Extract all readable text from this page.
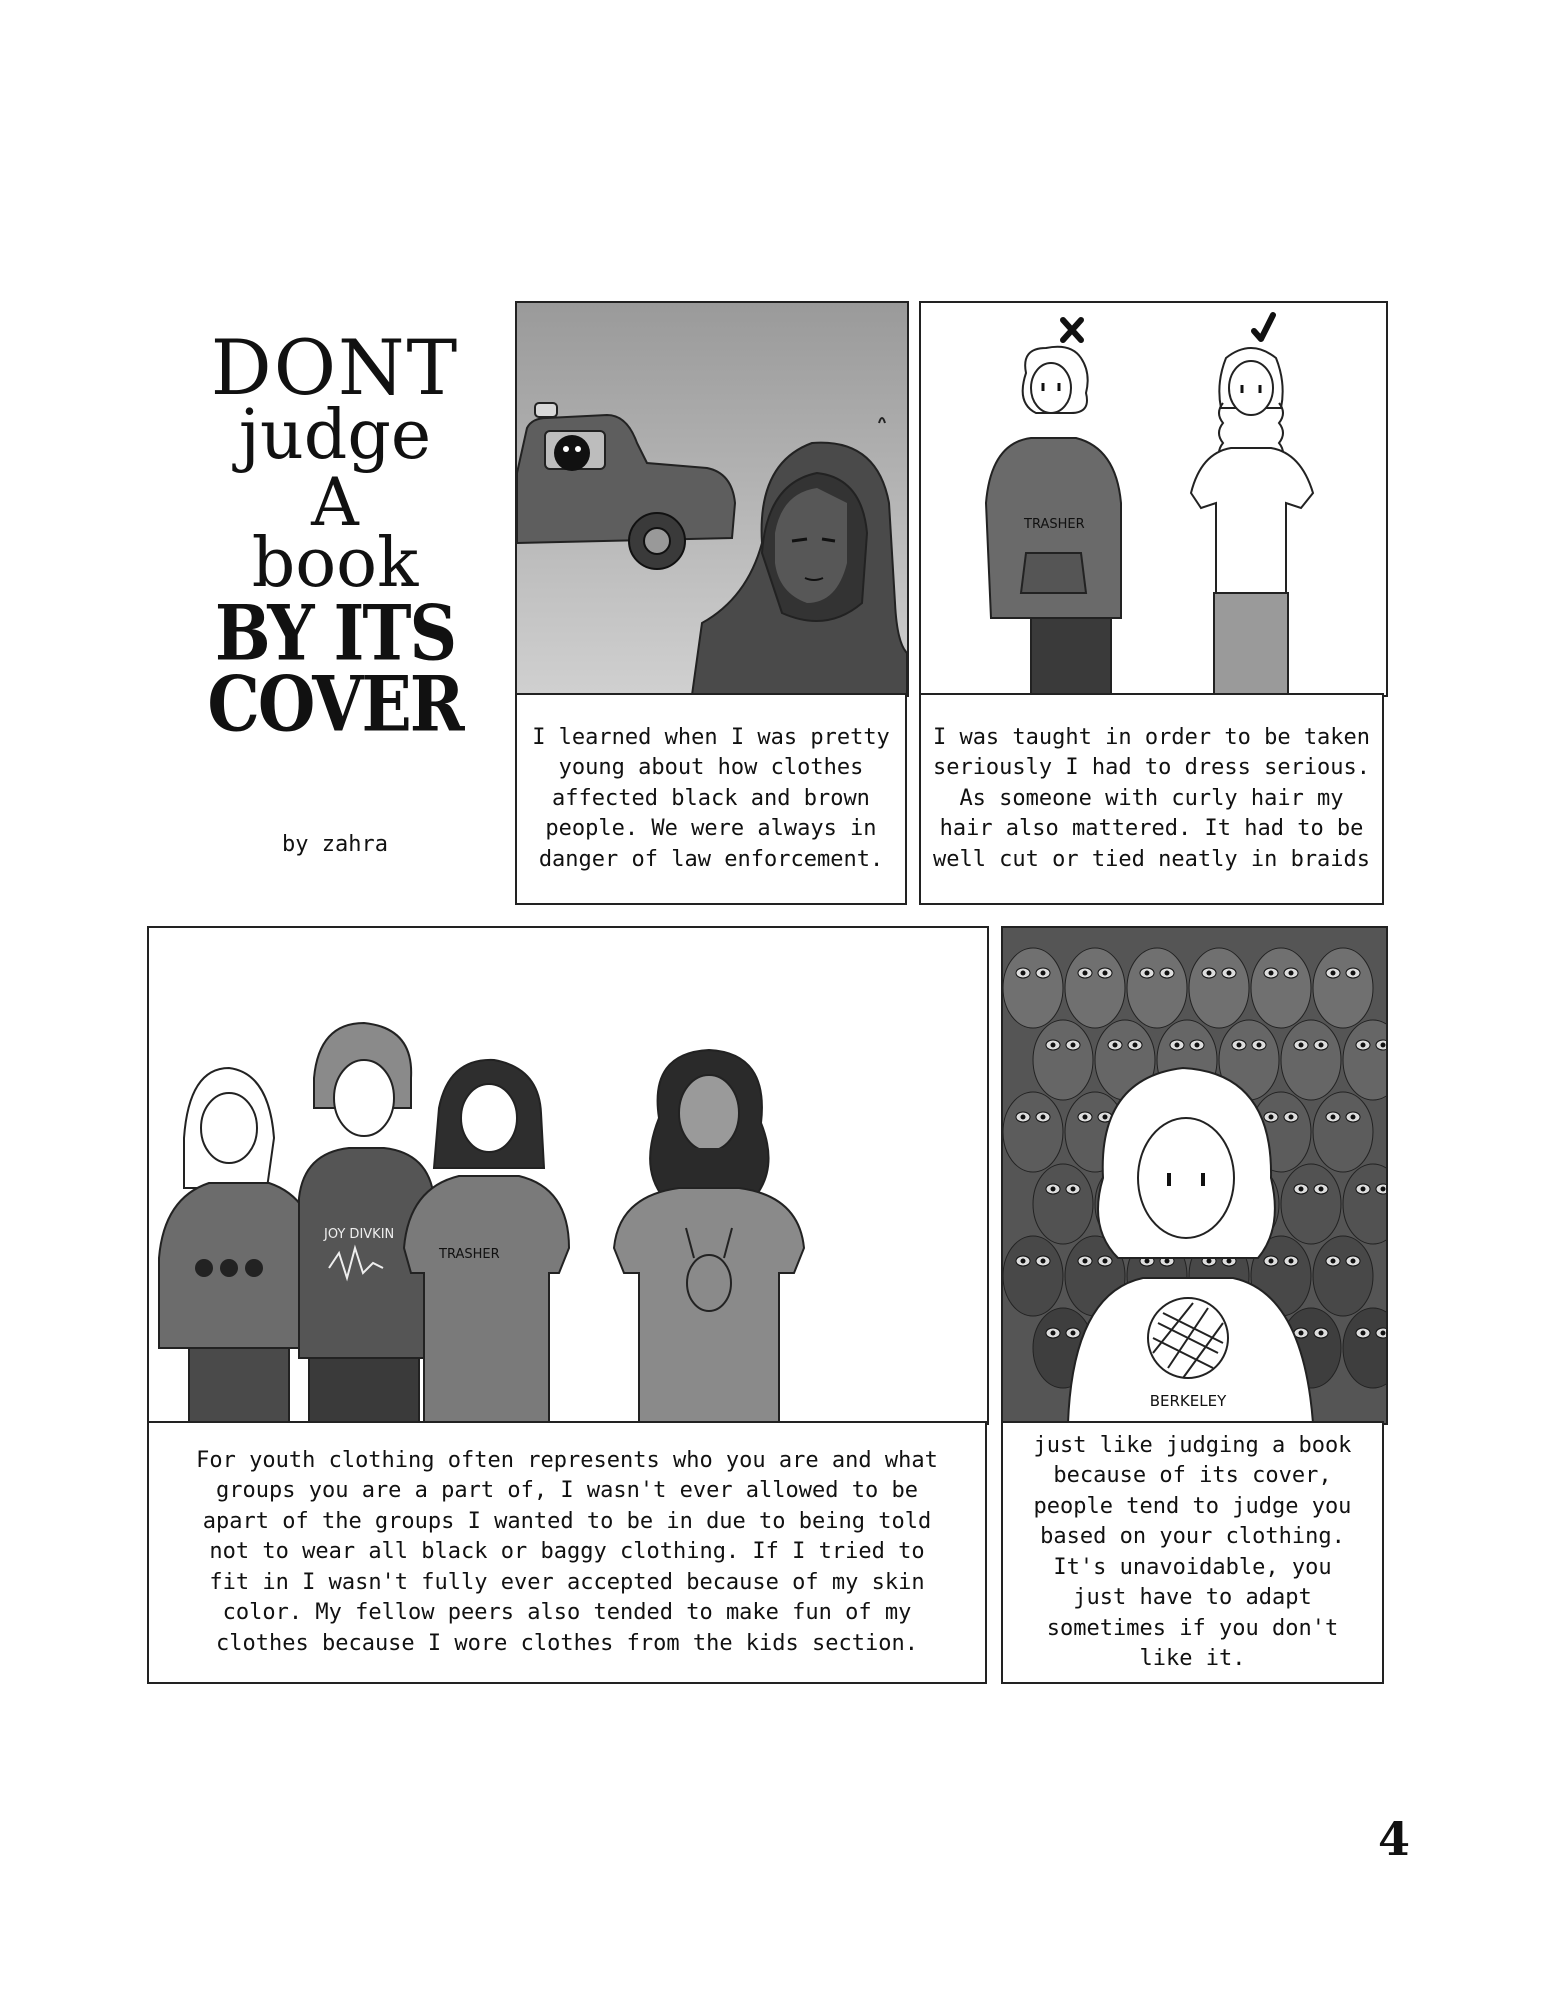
DONT
judge
A
book
BY ITS
COVER
by zahra
I learned when I was pretty young about how clothes affected black and brown people. We were always in danger of law enforcement.
TRASHER
I was taught in order to be taken seriously I had to dress serious. As someone with curly hair my hair also mattered. It had to be well cut or tied neatly in braids
JOY DIVKIN
TRASHER
For youth clothing often represents who you are and what groups you are a part of, I wasn't ever allowed to be apart of the groups I wanted to be in due to being told not to wear all black or baggy clothing. If I tried to fit in I wasn't fully ever accepted because of my skin color. My fellow peers also tended to make fun of my clothes because I wore clothes from the kids section.
BERKELEY
just like judging a book because of its cover, people tend to judge you based on your clothing. It's unavoidable, you just have to adapt sometimes if you don't like it.
4
